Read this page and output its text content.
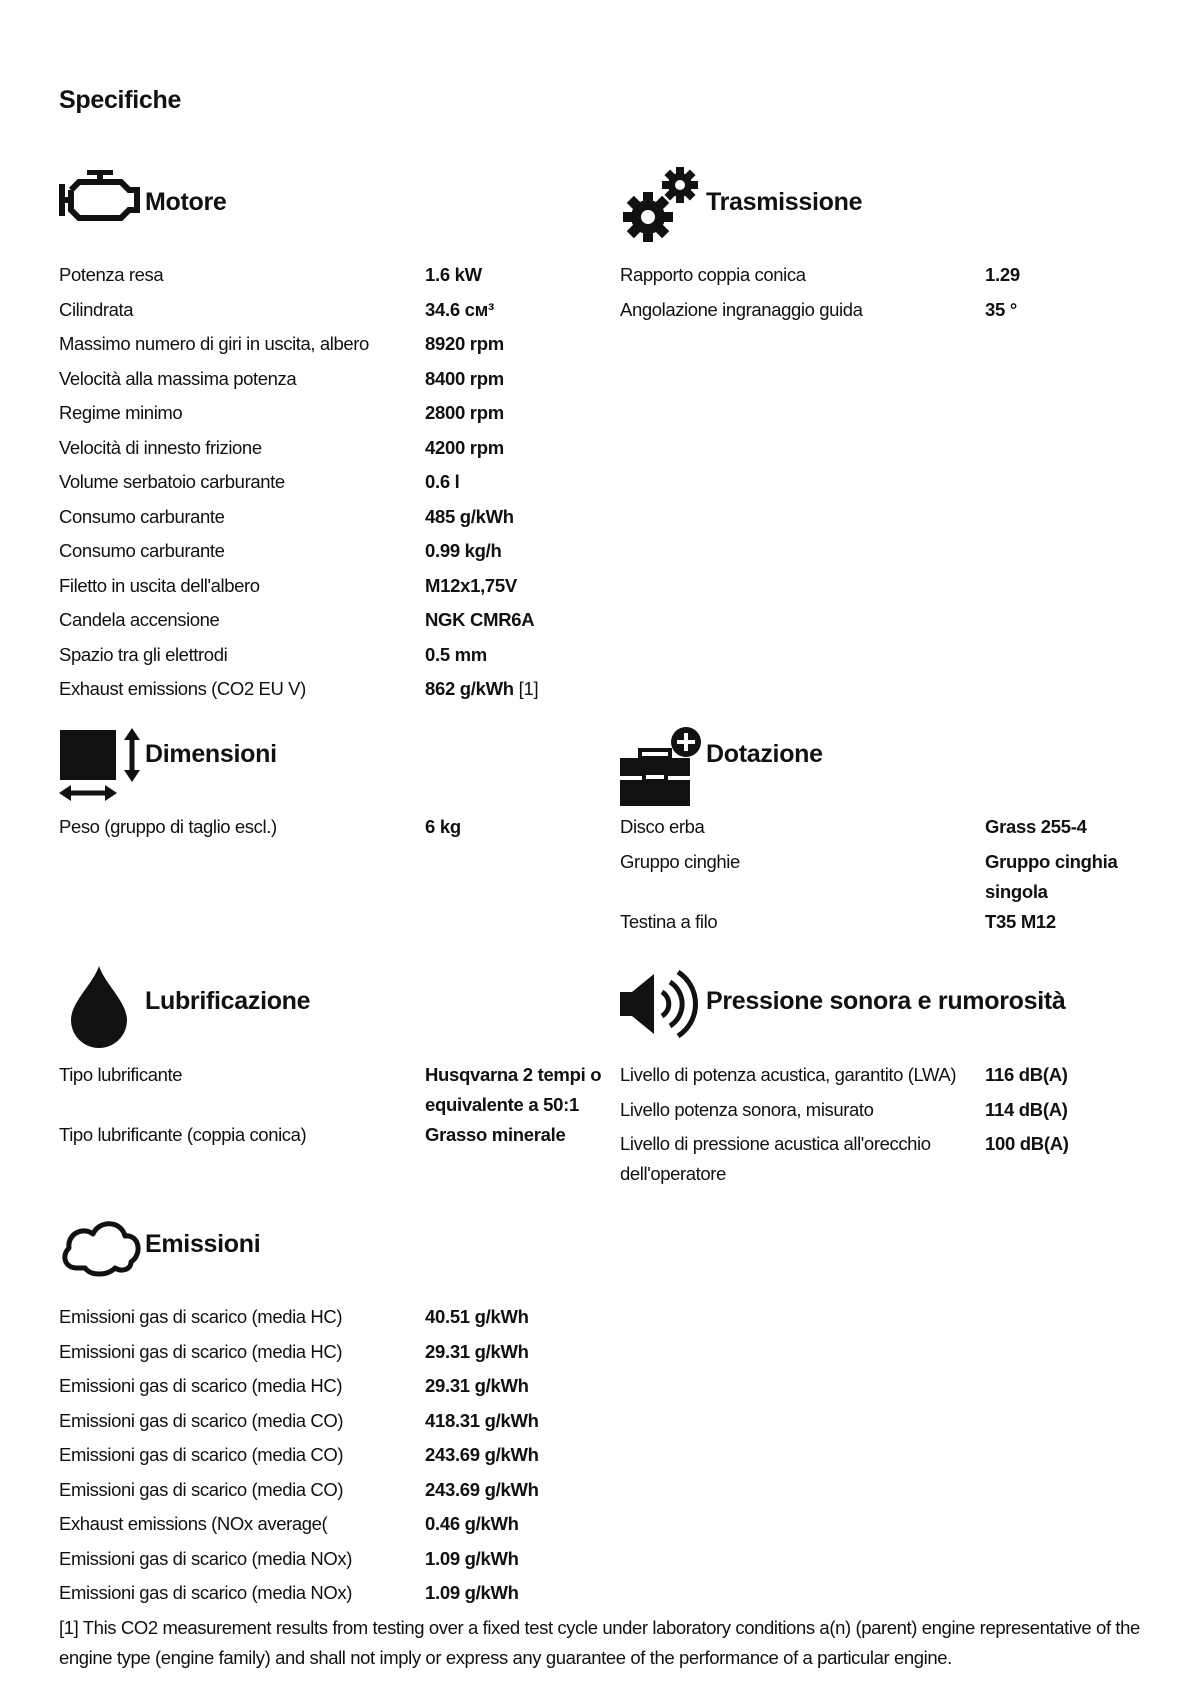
Specifiche
Motore
Potenza resa	1.6 kW
Cilindrata	34.6 см³
Massimo numero di giri in uscita, albero	8920 rpm
Velocità alla massima potenza	8400 rpm
Regime minimo	2800 rpm
Velocità di innesto frizione	4200 rpm
Volume serbatoio carburante	0.6 l
Consumo carburante	485 g/kWh
Consumo carburante	0.99 kg/h
Filetto in uscita dell'albero	M12x1,75V
Candela accensione	NGK CMR6A
Spazio tra gli elettrodi	0.5 mm
Exhaust emissions (CO2 EU V)	862 g/kWh [1]
Trasmissione
Rapporto coppia conica	1.29
Angolazione ingranaggio guida	35 °
Dimensioni
Peso (gruppo di taglio escl.)	6 kg
Dotazione
Disco erba	Grass 255-4
Gruppo cinghie	Gruppo cinghia
singola
Testina a filo	T35 M12
Lubrificazione
Tipo lubrificante	Husqvarna 2 tempi o
equivalente a 50:1
Tipo lubrificante (coppia conica)	Grasso minerale
Pressione sonora e rumorosità
Livello di potenza acustica, garantito (LWA) 116 dB(A)
Livello potenza sonora, misurato	114 dB(A)
Livello di pressione acustica all'orecchio
dell'operatore
100 dB(A)
Emissioni
Emissioni gas di scarico (media HC)	40.51 g/kWh
Emissioni gas di scarico (media HC)	29.31 g/kWh
Emissioni gas di scarico (media HC)	29.31 g/kWh
Emissioni gas di scarico (media CO)	418.31 g/kWh
Emissioni gas di scarico (media CO)	243.69 g/kWh
Emissioni gas di scarico (media CO)	243.69 g/kWh
Exhaust emissions (NOx average(	0.46 g/kWh
Emissioni gas di scarico (media NOx)	1.09 g/kWh
Emissioni gas di scarico (media NOx)	1.09 g/kWh
[1] This CO2 measurement results from testing over a fixed test cycle under laboratory conditions a(n) (parent) engine representative of the engine type (engine family) and shall not imply or express any guarantee of the performance of a particular engine.
